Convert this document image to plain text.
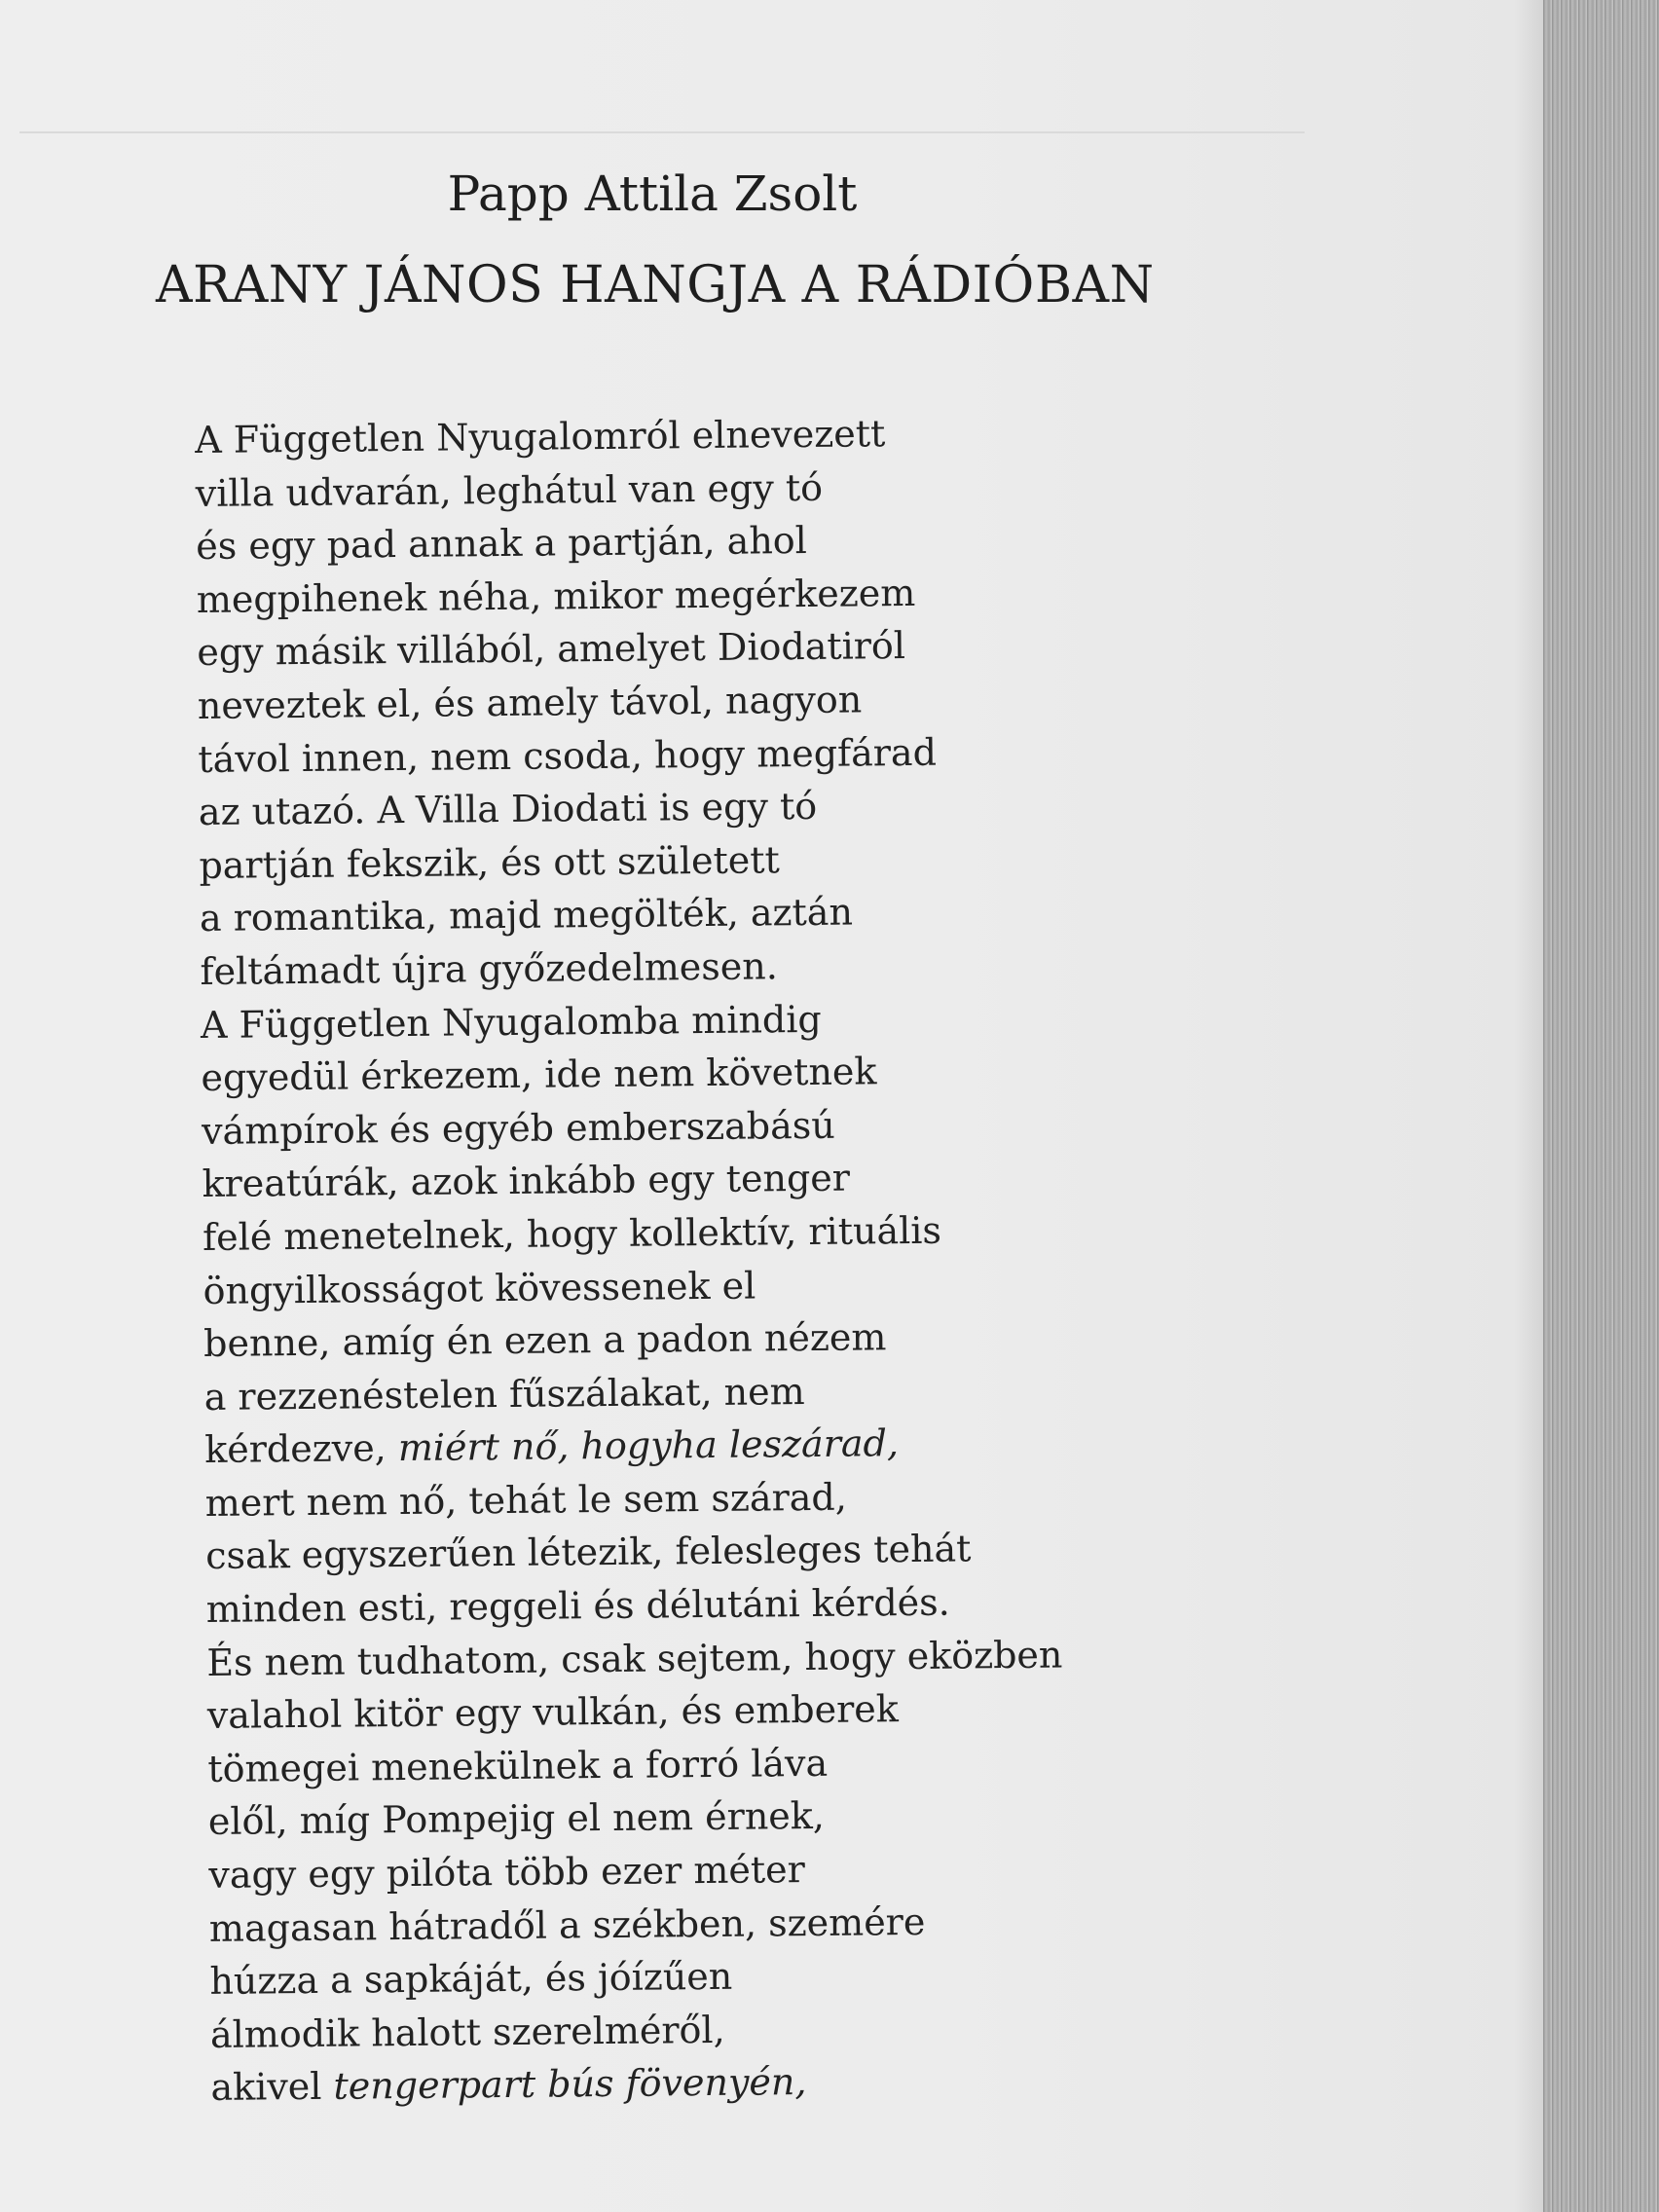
Papp Attila Zsolt
ARANY JÁNOS HANGJA A RÁDIÓBAN
A Független Nyugalomról elnevezett
villa udvarán, leghátul van egy tó
és egy pad annak a partján, ahol
megpihenek néha, mikor megérkezem
egy másik villából, amelyet Diodatiról
neveztek el, és amely távol, nagyon
távol innen, nem csoda, hogy megfárad
az utazó. A Villa Diodati is egy tó
partján fekszik, és ott született
a romantika, majd megölték, aztán
feltámadt újra győzedelmesen.
A Független Nyugalomba mindig
egyedül érkezem, ide nem követnek
vámpírok és egyéb emberszabású
kreatúrák, azok inkább egy tenger
felé menetelnek, hogy kollektív, rituális
öngyilkosságot kövessenek el
benne, amíg én ezen a padon nézem
a rezzenéstelen fűszálakat, nem
kérdezve, miért nő, hogyha leszárad,
mert nem nő, tehát le sem szárad,
csak egyszerűen létezik, felesleges tehát
minden esti, reggeli és délutáni kérdés.
És nem tudhatom, csak sejtem, hogy eközben
valahol kitör egy vulkán, és emberek
tömegei menekülnek a forró láva
elől, míg Pompejig el nem érnek,
vagy egy pilóta több ezer méter
magasan hátradől a székben, szemére
húzza a sapkáját, és jóízűen
álmodik halott szerelméről,
akivel tengerpart bús fövenyén,
